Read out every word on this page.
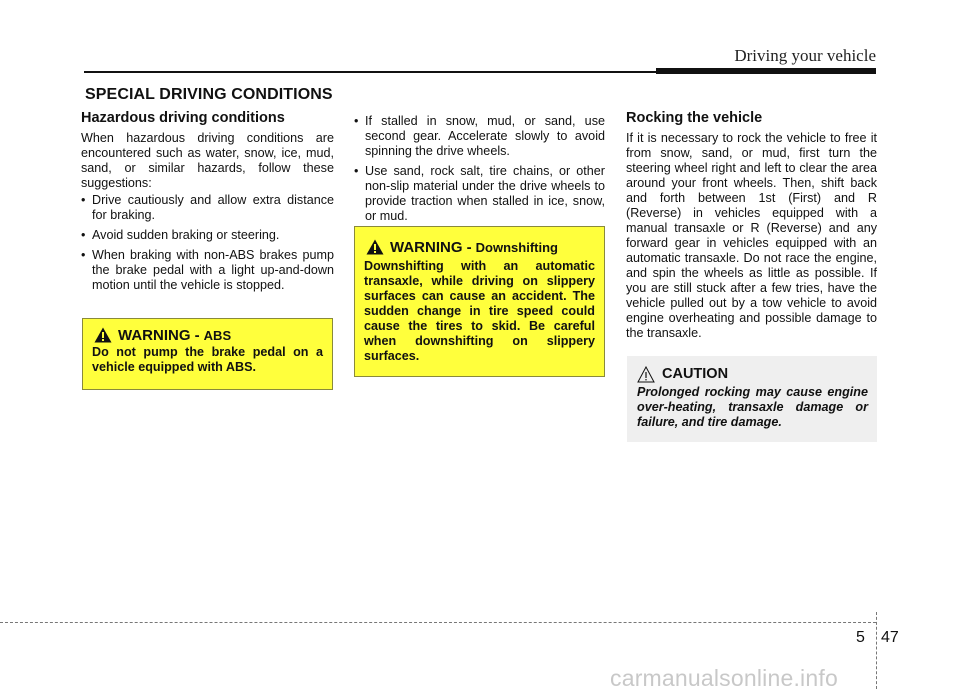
Driving your vehicle
SPECIAL DRIVING CONDITIONS
Hazardous driving conditions

When hazardous driving conditions are encountered such as water, snow, ice, mud, sand, or similar hazards, follow these suggestions:

• Drive cautiously and allow extra distance for braking.
• Avoid sudden braking or steering.
• When braking with non-ABS brakes pump the brake pedal with a light up-and-down motion until the vehicle is stopped.
WARNING - ABS
Do not pump the brake pedal on a vehicle equipped with ABS.
• If stalled in snow, mud, or sand, use second gear. Accelerate slowly to avoid spinning the drive wheels.
• Use sand, rock salt, tire chains, or other non-slip material under the drive wheels to provide traction when stalled in ice, snow, or mud.
WARNING - Downshifting
Downshifting with an automatic transaxle, while driving on slippery surfaces can cause an accident. The sudden change in tire speed could cause the tires to skid. Be careful when downshifting on slippery surfaces.
Rocking the vehicle

If it is necessary to rock the vehicle to free it from snow, sand, or mud, first turn the steering wheel right and left to clear the area around your front wheels. Then, shift back and forth between 1st (First) and R (Reverse) in vehicles equipped with a manual transaxle or R (Reverse) and any forward gear in vehicles equipped with an automatic transaxle. Do not race the engine, and spin the wheels as little as possible. If you are still stuck after a few tries, have the vehicle pulled out by a tow vehicle to avoid engine overheating and possible damage to the transaxle.

CAUTION
Prolonged rocking may cause engine over-heating, transaxle damage or failure, and tire damage.
5 47
carmanualsonline.info
